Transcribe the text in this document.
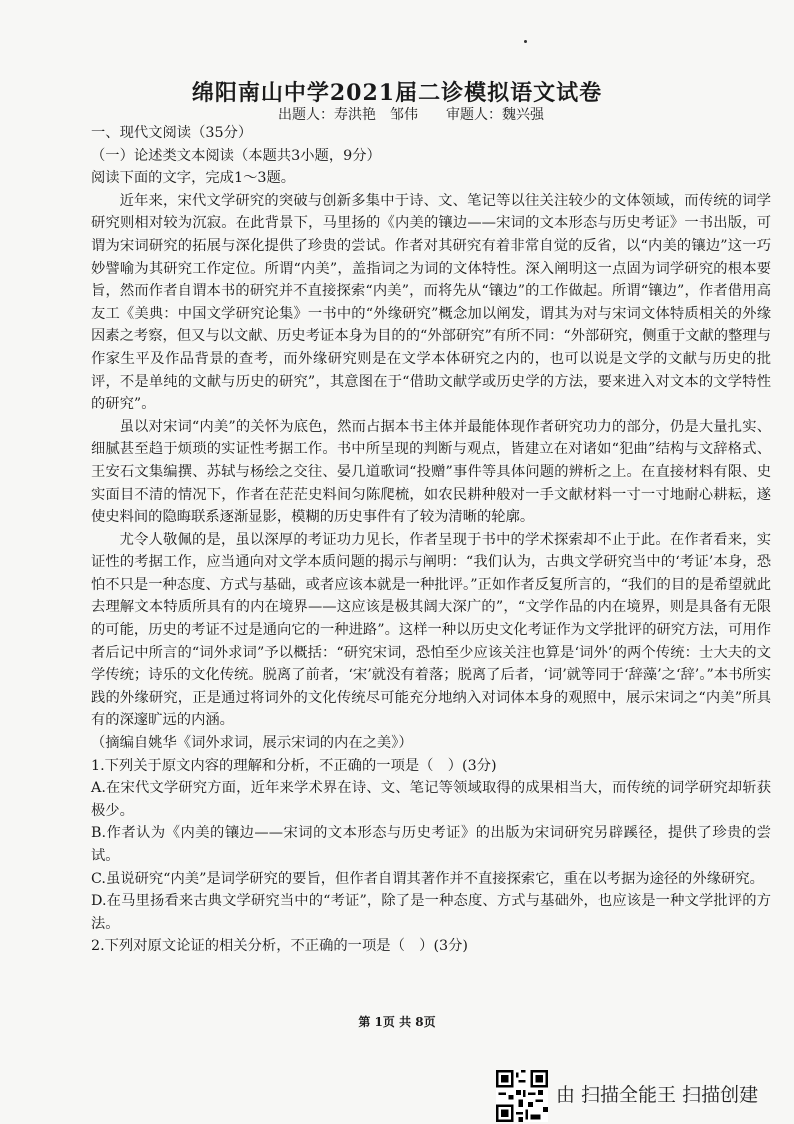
绵阳南山中学2021届二诊模拟语文试卷
出题人：寿洪艳　邹伟　　审题人：魏兴强

一、现代文阅读（35分）

（一）论述类文本阅读（本题共3小题，9分）

阅读下面的文字，完成1～3题。

近年来，宋代文学研究的突破与创新多集中于诗、文、笔记等以往关注较少的文体领域，而传统的词学研究则相对较为沉寂。在此背景下，马里扬的《内美的镶边——宋词的文本形态与历史考证》一书出版，可谓为宋词研究的拓展与深化提供了珍贵的尝试。作者对其研究有着非常自觉的反省，以“内美的镶边”这一巧妙譬喻为其研究工作定位。所谓“内美”，盖指词之为词的文体特性。深入阐明这一点固为词学研究的根本要旨，然而作者自谓本书的研究并不直接探索“内美”，而将先从“镶边”的工作做起。所谓“镶边”，作者借用高友工《美典：中国文学研究论集》一书中的“外缘研究”概念加以阐发，谓其为对与宋词文体特质相关的外缘因素之考察，但又与以文献、历史考证本身为目的的“外部研究”有所不同：“外部研究，侧重于文献的整理与作家生平及作品背景的查考，而外缘研究则是在文学本体研究之内的，也可以说是文学的文献与历史的批评，不是单纯的文献与历史的研究”，其意图在于“借助文献学或历史学的方法，要来进入对文本的文学特性的研究”。

虽以对宋词“内美”的关怀为底色，然而占据本书主体并最能体现作者研究功力的部分，仍是大量扎实、细腻甚至趋于烦琐的实证性考据工作。书中所呈现的判断与观点，皆建立在对诸如“犯曲”结构与文辞格式、王安石文集编撰、苏轼与杨绘之交往、晏几道歌词“投赠”事件等具体问题的辨析之上。在直接材料有限、史实面目不清的情况下，作者在茫茫史料间匀陈爬梳，如农民耕种般对一手文献材料一寸一寸地耐心耕耘，遂使史料间的隐晦联系逐渐显影，模糊的历史事件有了较为清晰的轮廓。

尤令人敬佩的是，虽以深厚的考证功力见长，作者呈现于书中的学术探索却不止于此。在作者看来，实证性的考据工作，应当通向对文学本质问题的揭示与阐明：“我们认为，古典文学研究当中的‘考证’本身，恐怕不只是一种态度、方式与基础，或者应该本就是一种批评。”正如作者反复所言的，“我们的目的是希望就此去理解文本特质所具有的内在境界——这应该是极其阔大深广的”，“文学作品的内在境界，则是具备有无限的可能，历史的考证不过是通向它的一种进路”。这样一种以历史文化考证作为文学批评的研究方法，可用作者后记中所言的“词外求词”予以概括：“研究宋词，恐怕至少应该关注也算是‘词外’的两个传统：士大夫的文学传统；诗乐的文化传统。脱离了前者，‘宋’就没有着落；脱离了后者，‘词’就等同于‘辞藻’之‘辞’。”本书所实践的外缘研究，正是通过将词外的文化传统尽可能充分地纳入对词体本身的观照中，展示宋词之“内美”所具有的深邃旷远的内涵。

（摘编自姚华《词外求词，展示宋词的内在之美》）

1.下列关于原文内容的理解和分析，不正确的一项是（　）(3分)

A.在宋代文学研究方面，近年来学术界在诗、文、笔记等领域取得的成果相当大，而传统的词学研究却斩获极少。

B.作者认为《内美的镶边——宋词的文本形态与历史考证》的出版为宋词研究另辟蹊径，提供了珍贵的尝试。

C.虽说研究“内美”是词学研究的要旨，但作者自谓其著作并不直接探索它，重在以考据为途径的外缘研究。

D.在马里扬看来古典文学研究当中的“考证”，除了是一种态度、方式与基础外，也应该是一种文学批评的方法。

2.下列对原文论证的相关分析，不正确的一项是（　）(3分)

第 1页 共 8页
由 扫描全能王 扫描创建
